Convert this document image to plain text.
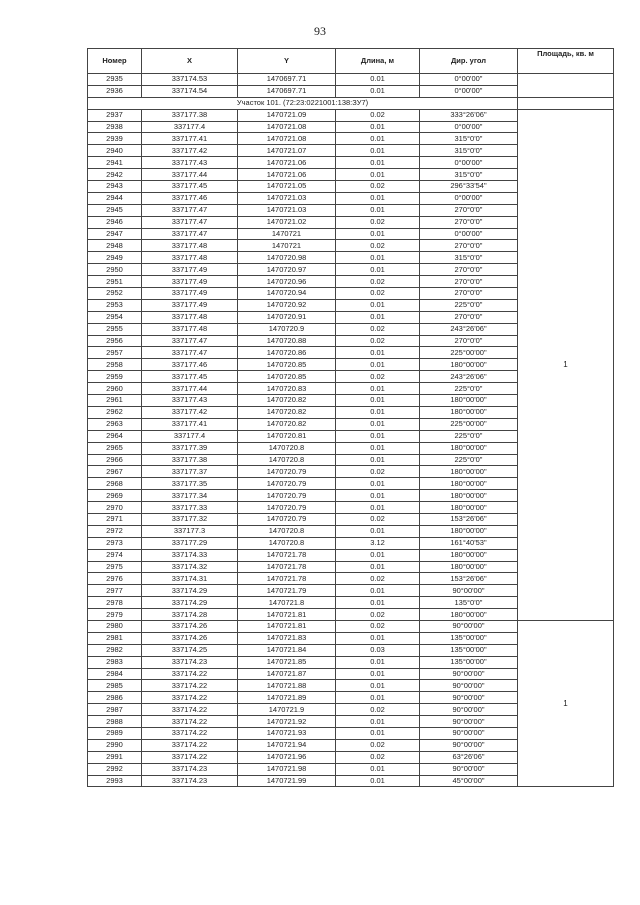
93
Номер	X	Y	Длина, м	Дир. угол	Площадь, кв. м
2935	337174.53	1470697.71	0.01	0°00'00"	
2936	337174.54	1470697.71	0.01	0°00'00"	
Участок 101. (72:23:0221001:138:ЗУ7)					
2937	337177.38	1470721.09	0.02	333°26'06"	1
2938	337177.4	1470721.08	0.01	0°00'00"	
2939	337177.41	1470721.08	0.01	315°0'0"	
2940	337177.42	1470721.07	0.01	315°0'0"	
2941	337177.43	1470721.06	0.01	0°00'00"	
2942	337177.44	1470721.06	0.01	315°0'0"	
2943	337177.45	1470721.05	0.02	296°33'54"	
2944	337177.46	1470721.03	0.01	0°00'00"	
2945	337177.47	1470721.03	0.01	270°0'0"	
2946	337177.47	1470721.02	0.02	270°0'0"	
2947	337177.47	1470721	0.01	0°00'00"	
2948	337177.48	1470721	0.02	270°0'0"	
2949	337177.48	1470720.98	0.01	315°0'0"	
2950	337177.49	1470720.97	0.01	270°0'0"	
2951	337177.49	1470720.96	0.02	270°0'0"	
2952	337177.49	1470720.94	0.02	270°0'0"	
2953	337177.49	1470720.92	0.01	225°0'0"	
2954	337177.48	1470720.91	0.01	270°0'0"	
2955	337177.48	1470720.9	0.02	243°26'06"	
2956	337177.47	1470720.88	0.02	270°0'0"	
2957	337177.47	1470720.86	0.01	225°00'00"	
2958	337177.46	1470720.85	0.01	180°00'00"	
2959	337177.45	1470720.85	0.02	243°26'06"	
2960	337177.44	1470720.83	0.01	225°0'0"	
2961	337177.43	1470720.82	0.01	180°00'00"	
2962	337177.42	1470720.82	0.01	180°00'00"	
2963	337177.41	1470720.82	0.01	225°00'00"	
2964	337177.4	1470720.81	0.01	225°0'0"	
2965	337177.39	1470720.8	0.01	180°00'00"	
2966	337177.38	1470720.8	0.01	225°0'0"	
2967	337177.37	1470720.79	0.02	180°00'00"	
2968	337177.35	1470720.79	0.01	180°00'00"	
2969	337177.34	1470720.79	0.01	180°00'00"	
2970	337177.33	1470720.79	0.01	180°00'00"	
2971	337177.32	1470720.79	0.02	153°26'06"	
2972	337177.3	1470720.8	0.01	180°00'00"	
2973	337177.29	1470720.8	3.12	161°40'53"	
2974	337174.33	1470721.78	0.01	180°00'00"	
2975	337174.32	1470721.78	0.01	180°00'00"	
2976	337174.31	1470721.78	0.02	153°26'06"	
2977	337174.29	1470721.79	0.01	90°00'00"	
2978	337174.29	1470721.8	0.01	135°0'0"	
2979	337174.28	1470721.81	0.02	180°00'00"	
2980	337174.26	1470721.81	0.02	90°00'00"	1
2981	337174.26	1470721.83	0.01	135°00'00"	
2982	337174.25	1470721.84	0.03	135°00'00"	
2983	337174.23	1470721.85	0.01	135°00'00"	
2984	337174.22	1470721.87	0.01	90°00'00"	
2985	337174.22	1470721.88	0.01	90°00'00"	
2986	337174.22	1470721.89	0.01	90°00'00"	
2987	337174.22	1470721.9	0.02	90°00'00"	
2988	337174.22	1470721.92	0.01	90°00'00"	
2989	337174.22	1470721.93	0.01	90°00'00"	
2990	337174.22	1470721.94	0.02	90°00'00"	
2991	337174.22	1470721.96	0.02	63°26'06"	
2992	337174.23	1470721.98	0.01	90°00'00"	
2993	337174.23	1470721.99	0.01	45°00'00"	
